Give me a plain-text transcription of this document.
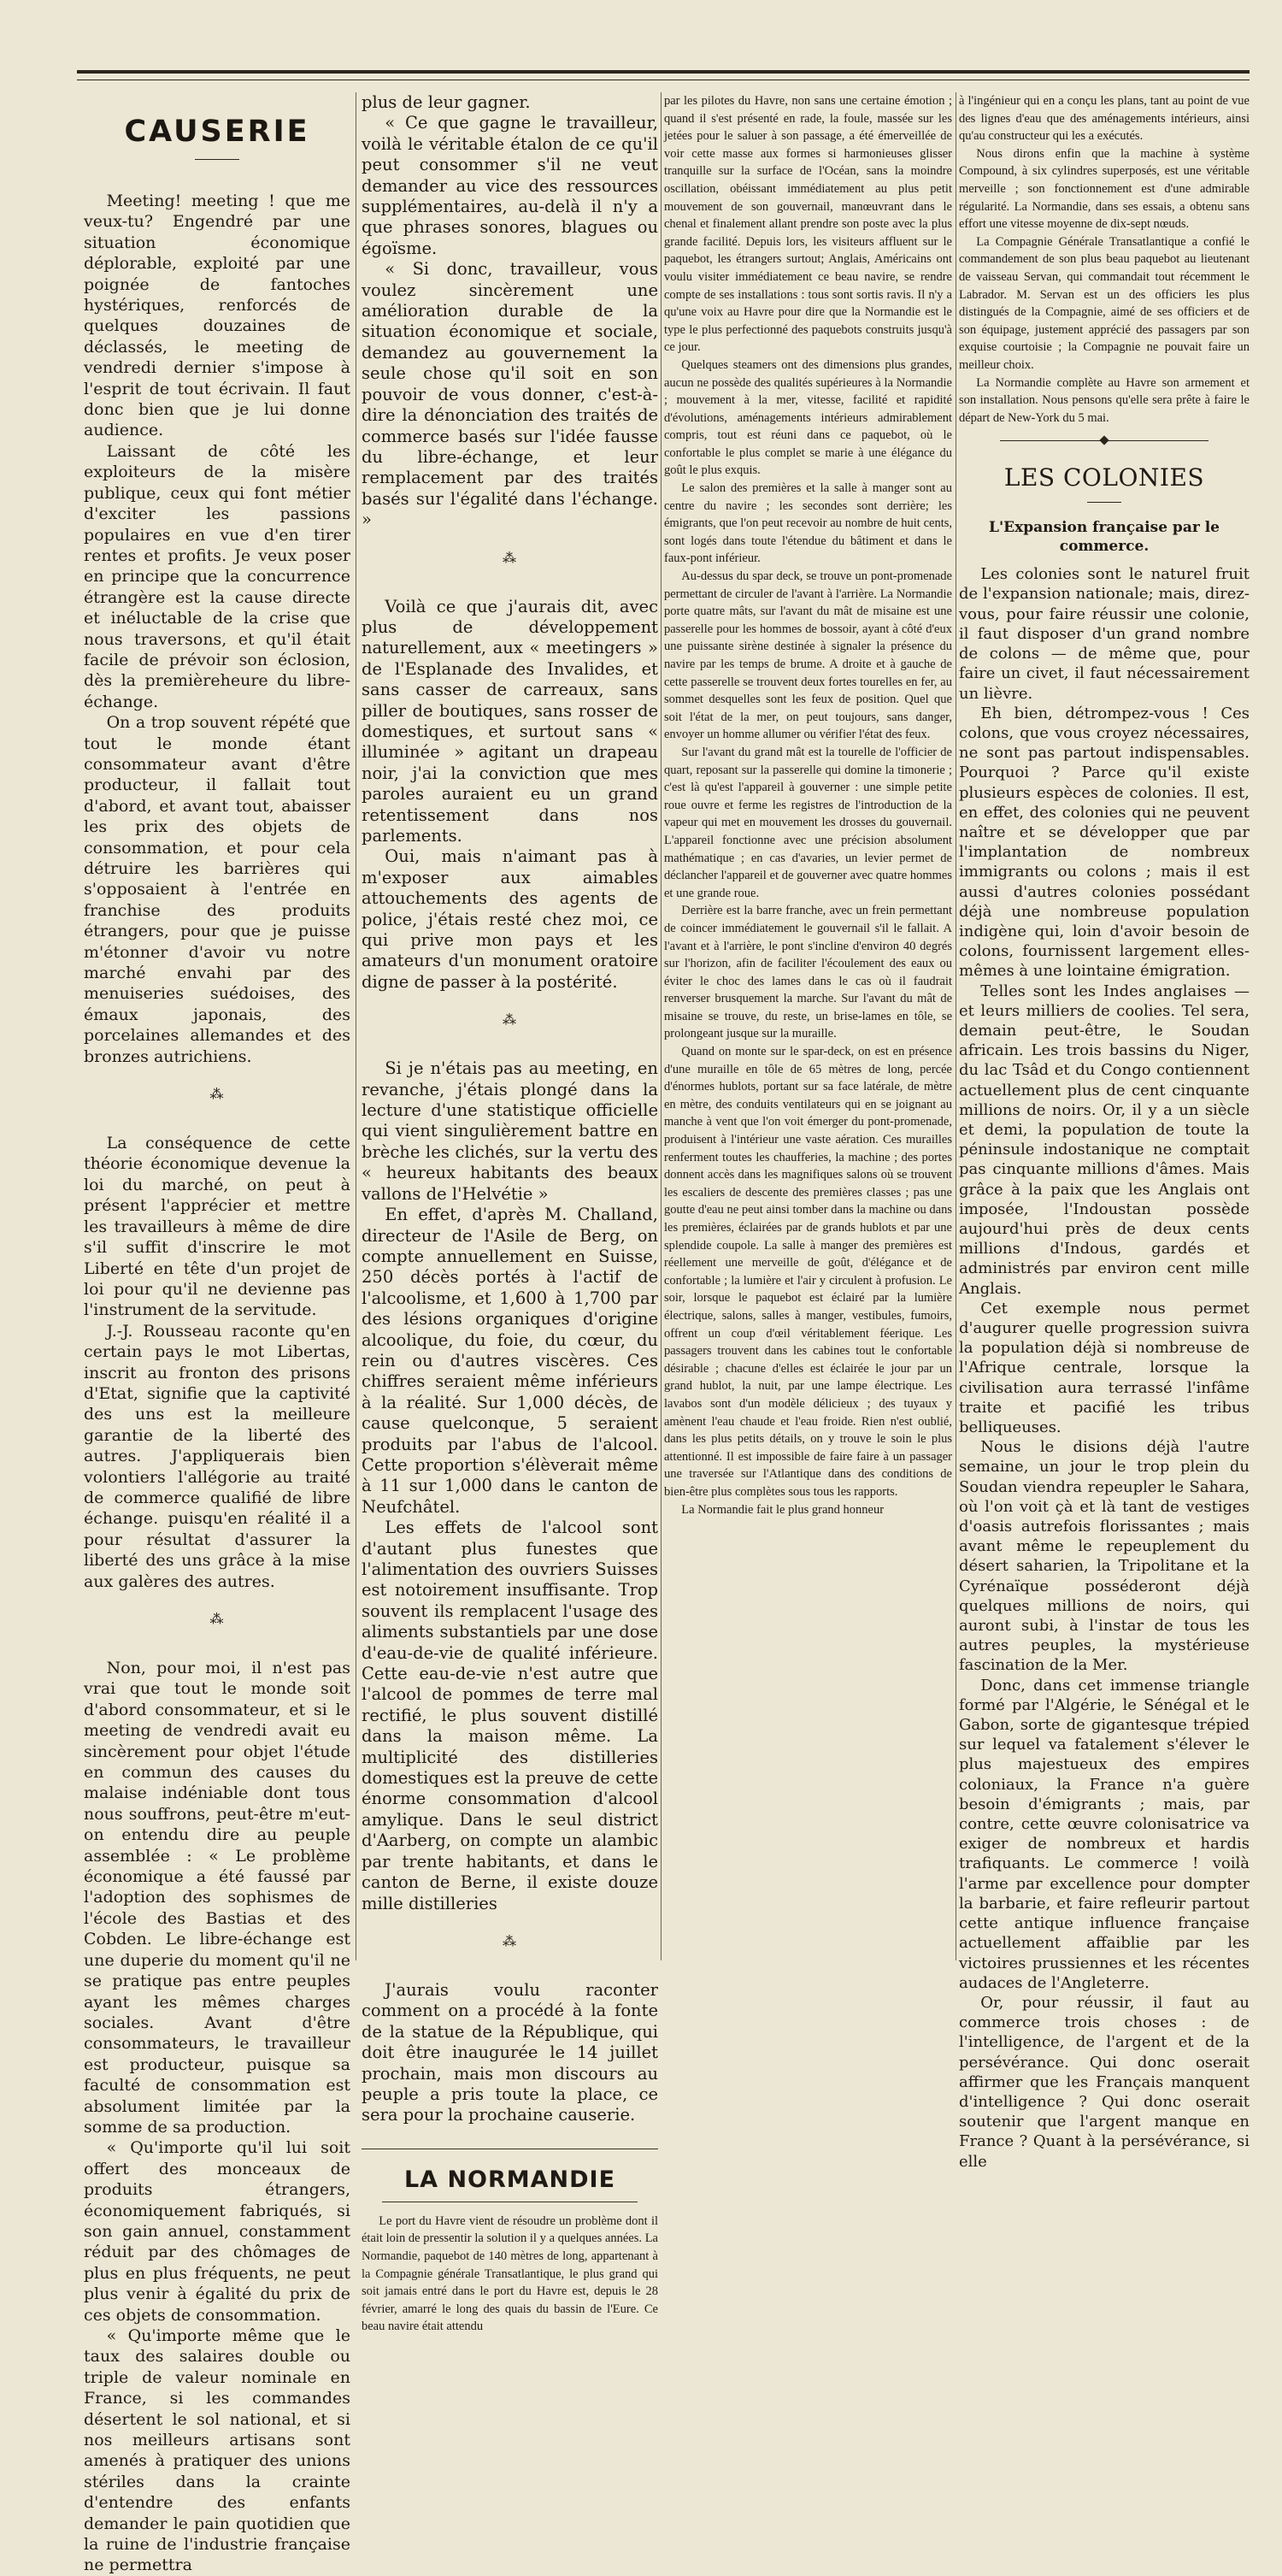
CAUSERIE

Meeting! meeting ! que me veux-tu? Engendré par une situation économique déplorable, exploité par une poignée de fantoches hystériques, renforcés de quelques douzaines de déclassés, le meeting de vendredi dernier s'impose à l'esprit de tout écrivain. Il faut donc bien que je lui donne audience.

Laissant de côté les exploiteurs de la misère publique, ceux qui font métier d'exciter les passions populaires en vue d'en tirer rentes et profits. Je veux poser en principe que la concurrence étrangère est la cause directe et inéluctable de la crise que nous traversons, et qu'il était facile de prévoir son éclosion, dès la premièreheure du libre-échange.

On a trop souvent répété que tout le monde étant consommateur avant d'être producteur, il fallait tout d'abord, et avant tout, abaisser les prix des objets de consommation, et pour cela détruire les barrières qui s'opposaient à l'entrée en franchise des produits étrangers, pour que je puisse m'étonner d'avoir vu notre marché envahi par des menuiseries suédoises, des émaux japonais, des porcelaines allemandes et des bronzes autrichiens.

⁂

La conséquence de cette théorie économique devenue la loi du marché, on peut à présent l'apprécier et mettre les travailleurs à même de dire s'il suffit d'inscrire le mot Liberté en tête d'un projet de loi pour qu'il ne devienne pas l'instrument de la servitude.

J.-J. Rousseau raconte qu'en certain pays le mot Libertas, inscrit au fronton des prisons d'Etat, signifie que la captivité des uns est la meilleure garantie de la liberté des autres. J'appliquerais bien volontiers l'allégorie au traité de commerce qualifié de libre échange. puisqu'en réalité il a pour résultat d'assurer la liberté des uns grâce à la mise aux galères des autres.

⁂

Non, pour moi, il n'est pas vrai que tout le monde soit d'abord consommateur, et si le meeting de vendredi avait eu sincèrement pour objet l'étude en commun des causes du malaise indéniable dont tous nous souffrons, peut-être m'eut-on entendu dire au peuple assemblée : « Le problème économique a été faussé par l'adoption des sophismes de l'école des Bastias et des Cobden. Le libre-échange est une duperie du moment qu'il ne se pratique pas entre peuples ayant les mêmes charges sociales. Avant d'être consommateurs, le travailleur est producteur, puisque sa faculté de consommation est absolument limitée par la somme de sa production.

« Qu'importe qu'il lui soit offert des monceaux de produits étrangers, économiquement fabriqués, si son gain annuel, constamment réduit par des chômages de plus en plus fréquents, ne peut plus venir à égalité du prix de ces objets de consommation.

« Qu'importe même que le taux des salaires double ou triple de valeur nominale en France, si les commandes désertent le sol national, et si nos meilleurs artisans sont amenés à pratiquer des unions stériles dans la crainte d'entendre des enfants demander le pain quotidien que la ruine de l'industrie française ne permettra

plus de leur gagner.

« Ce que gagne le travailleur, voilà le véritable étalon de ce qu'il peut consommer s'il ne veut demander au vice des ressources supplémentaires, au-delà il n'y a que phrases sonores, blagues ou égoïsme.

« Si donc, travailleur, vous voulez sincèrement une amélioration durable de la situation économique et sociale, demandez au gouvernement la seule chose qu'il soit en son pouvoir de vous donner, c'est-à-dire la dénonciation des traités de commerce basés sur l'idée fausse du libre-échange, et leur remplacement par des traités basés sur l'égalité dans l'échange. »

⁂

Voilà ce que j'aurais dit, avec plus de développement naturellement, aux « meetingers » de l'Esplanade des Invalides, et sans casser de carreaux, sans piller de boutiques, sans rosser de domestiques, et surtout sans « illuminée » agitant un drapeau noir, j'ai la conviction que mes paroles auraient eu un grand retentissement dans nos parlements.

Oui, mais n'aimant pas à m'exposer aux aimables attouchements des agents de police, j'étais resté chez moi, ce qui prive mon pays et les amateurs d'un monument oratoire digne de passer à la postérité.

⁂

Si je n'étais pas au meeting, en revanche, j'étais plongé dans la lecture d'une statistique officielle qui vient singulièrement battre en brèche les clichés, sur la vertu des « heureux habitants des beaux vallons de l'Helvétie »

En effet, d'après M. Challand, directeur de l'Asile de Berg, on compte annuellement en Suisse, 250 décès portés à l'actif de l'alcoolisme, et 1,600 à 1,700 par des lésions organiques d'origine alcoolique, du foie, du cœur, du rein ou d'autres viscères. Ces chiffres seraient même inférieurs à la réalité. Sur 1,000 décès, de cause quelconque, 5 seraient produits par l'abus de l'alcool. Cette proportion s'élèverait même à 11 sur 1,000 dans le canton de Neufchâtel.

Les effets de l'alcool sont d'autant plus funestes que l'alimentation des ouvriers Suisses est notoirement insuffisante. Trop souvent ils remplacent l'usage des aliments substantiels par une dose d'eau-de-vie de qualité inférieure. Cette eau-de-vie n'est autre que l'alcool de pommes de terre mal rectifié, le plus souvent distillé dans la maison même. La multiplicité des distilleries domestiques est la preuve de cette énorme consommation d'alcool amylique. Dans le seul district d'Aarberg, on compte un alambic par trente habitants, et dans le canton de Berne, il existe douze mille distilleries

⁂

J'aurais voulu raconter comment on a procédé à la fonte de la statue de la République, qui doit être inaugurée le 14 juillet prochain, mais mon discours au peuple a pris toute la place, ce sera pour la prochaine causerie.

LA NORMANDIE

Le port du Havre vient de résoudre un problème dont il était loin de pressentir la solution il y a quelques années. La Normandie, paquebot de 140 mètres de long, appartenant à la Compagnie générale Transatlantique, le plus grand qui soit jamais entré dans le port du Havre est, depuis le 28 février, amarré le long des quais du bassin de l'Eure. Ce beau navire était attendu

par les pilotes du Havre, non sans une certaine émotion ; quand il s'est présenté en rade, la foule, massée sur les jetées pour le saluer à son passage, a été émerveillée de voir cette masse aux formes si harmonieuses glisser tranquille sur la surface de l'Océan, sans la moindre oscillation, obéissant immédiatement au plus petit mouvement de son gouvernail, manœuvrant dans le chenal et finalement allant prendre son poste avec la plus grande facilité. Depuis lors, les visiteurs affluent sur le paquebot, les étrangers surtout; Anglais, Américains ont voulu visiter immédiatement ce beau navire, se rendre compte de ses installations : tous sont sortis ravis. Il n'y a qu'une voix au Havre pour dire que la Normandie est le type le plus perfectionné des paquebots construits jusqu'à ce jour.

Quelques steamers ont des dimensions plus grandes, aucun ne possède des qualités supérieures à la Normandie ; mouvement à la mer, vitesse, facilité et rapidité d'évolutions, aménagements intérieurs admirablement compris, tout est réuni dans ce paquebot, où le confortable le plus complet se marie à une élégance du goût le plus exquis.

Le salon des premières et la salle à manger sont au centre du navire ; les secondes sont derrière; les émigrants, que l'on peut recevoir au nombre de huit cents, sont logés dans toute l'étendue du bâtiment et dans le faux-pont inférieur.

Au-dessus du spar deck, se trouve un pont-promenade permettant de circuler de l'avant à l'arrière. La Normandie porte quatre mâts, sur l'avant du mât de misaine est une passerelle pour les hommes de bossoir, ayant à côté d'eux une puissante sirène destinée à signaler la présence du navire par les temps de brume. A droite et à gauche de cette passerelle se trouvent deux fortes tourelles en fer, au sommet desquelles sont les feux de position. Quel que soit l'état de la mer, on peut toujours, sans danger, envoyer un homme allumer ou vérifier l'état des feux.

Sur l'avant du grand mât est la tourelle de l'officier de quart, reposant sur la passerelle qui domine la timonerie ; c'est là qu'est l'appareil à gouverner : une simple petite roue ouvre et ferme les registres de l'introduction de la vapeur qui met en mouvement les drosses du gouvernail. L'appareil fonctionne avec une précision absolument mathématique ; en cas d'avaries, un levier permet de déclancher l'appareil et de gouverner avec quatre hommes et une grande roue.

Derrière est la barre franche, avec un frein permettant de coincer immédiatement le gouvernail s'il le fallait. A l'avant et à l'arrière, le pont s'incline d'environ 40 degrés sur l'horizon, afin de faciliter l'écoulement des eaux ou éviter le choc des lames dans le cas où il faudrait renverser brusquement la marche. Sur l'avant du mât de misaine se trouve, du reste, un brise-lames en tôle, se prolongeant jusque sur la muraille.

Quand on monte sur le spar-deck, on est en présence d'une muraille en tôle de 65 mètres de long, percée d'énormes hublots, portant sur sa face latérale, de mètre en mètre, des conduits ventilateurs qui en se joignant au manche à vent que l'on voit émerger du pont-promenade, produisent à l'intérieur une vaste aération. Ces murailles renferment toutes les chaufferies, la machine ; des portes donnent accès dans les magnifiques salons où se trouvent les escaliers de descente des premières classes ; pas une goutte d'eau ne peut ainsi tomber dans la machine ou dans les premières, éclairées par de grands hublots et par une splendide coupole. La salle à manger des premières est réellement une merveille de goût, d'élégance et de confortable ; la lumière et l'air y circulent à profusion. Le soir, lorsque le paquebot est éclairé par la lumière électrique, salons, salles à manger, vestibules, fumoirs, offrent un coup d'œil véritablement féerique. Les passagers trouvent dans les cabines tout le confortable désirable ; chacune d'elles est éclairée le jour par un grand hublot, la nuit, par une lampe électrique. Les lavabos sont d'un modèle délicieux ; des tuyaux y amènent l'eau chaude et l'eau froide. Rien n'est oublié, dans les plus petits détails, on y trouve le soin le plus attentionné. Il est impossible de faire faire à un passager une traversée sur l'Atlantique dans des conditions de bien-être plus complètes sous tous les rapports.

La Normandie fait le plus grand honneur

à l'ingénieur qui en a conçu les plans, tant au point de vue des lignes d'eau que des aménagements intérieurs, ainsi qu'au constructeur qui les a exécutés.

Nous dirons enfin que la machine à système Compound, à six cylindres superposés, est une véritable merveille ; son fonctionnement est d'une admirable régularité. La Normandie, dans ses essais, a obtenu sans effort une vitesse moyenne de dix-sept nœuds.

La Compagnie Générale Transatlantique a confié le commandement de son plus beau paquebot au lieutenant de vaisseau Servan, qui commandait tout récemment le Labrador. M. Servan est un des officiers les plus distingués de la Compagnie, aimé de ses officiers et de son équipage, justement apprécié des passagers par son exquise courtoisie ; la Compagnie ne pouvait faire un meilleur choix.

La Normandie complète au Havre son armement et son installation. Nous pensons qu'elle sera prête à faire le départ de New-York du 5 mai.

LES COLONIES
L'Expansion française par le commerce.

Les colonies sont le naturel fruit de l'expansion nationale; mais, direz-vous, pour faire réussir une colonie, il faut disposer d'un grand nombre de colons — de même que, pour faire un civet, il faut nécessairement un lièvre.

Eh bien, détrompez-vous ! Ces colons, que vous croyez nécessaires, ne sont pas partout indispensables. Pourquoi ? Parce qu'il existe plusieurs espèces de colonies. Il est, en effet, des colonies qui ne peuvent naître et se développer que par l'implantation de nombreux immigrants ou colons ; mais il est aussi d'autres colonies possédant déjà une nombreuse population indigène qui, loin d'avoir besoin de colons, fournissent largement elles-mêmes à une lointaine émigration.

Telles sont les Indes anglaises — et leurs milliers de coolies. Tel sera, demain peut-être, le Soudan africain. Les trois bassins du Niger, du lac Tsâd et du Congo contiennent actuellement plus de cent cinquante millions de noirs. Or, il y a un siècle et demi, la population de toute la péninsule indostanique ne comptait pas cinquante millions d'âmes. Mais grâce à la paix que les Anglais ont imposée, l'Indoustan possède aujourd'hui près de deux cents millions d'Indous, gardés et administrés par environ cent mille Anglais.

Cet exemple nous permet d'augurer quelle progression suivra la population déjà si nombreuse de l'Afrique centrale, lorsque la civilisation aura terrassé l'infâme traite et pacifié les tribus belliqueuses.

Nous le disions déjà l'autre semaine, un jour le trop plein du Soudan viendra repeupler le Sahara, où l'on voit çà et là tant de vestiges d'oasis autrefois florissantes ; mais avant même le repeuplement du désert saharien, la Tripolitane et la Cyrénaïque posséderont déjà quelques millions de noirs, qui auront subi, à l'instar de tous les autres peuples, la mystérieuse fascination de la Mer.

Donc, dans cet immense triangle formé par l'Algérie, le Sénégal et le Gabon, sorte de gigantesque trépied sur lequel va fatalement s'élever le plus majestueux des empires coloniaux, la France n'a guère besoin d'émigrants ; mais, par contre, cette œuvre colonisatrice va exiger de nombreux et hardis trafiquants. Le commerce ! voilà l'arme par excellence pour dompter la barbarie, et faire refleurir partout cette antique influence française actuellement affaiblie par les victoires prussiennes et les récentes audaces de l'Angleterre.

Or, pour réussir, il faut au commerce trois choses : de l'intelligence, de l'argent et de la persévérance. Qui donc oserait affirmer que les Français manquent d'intelligence ? Qui donc oserait soutenir que l'argent manque en France ? Quant à la persévérance, si elle
